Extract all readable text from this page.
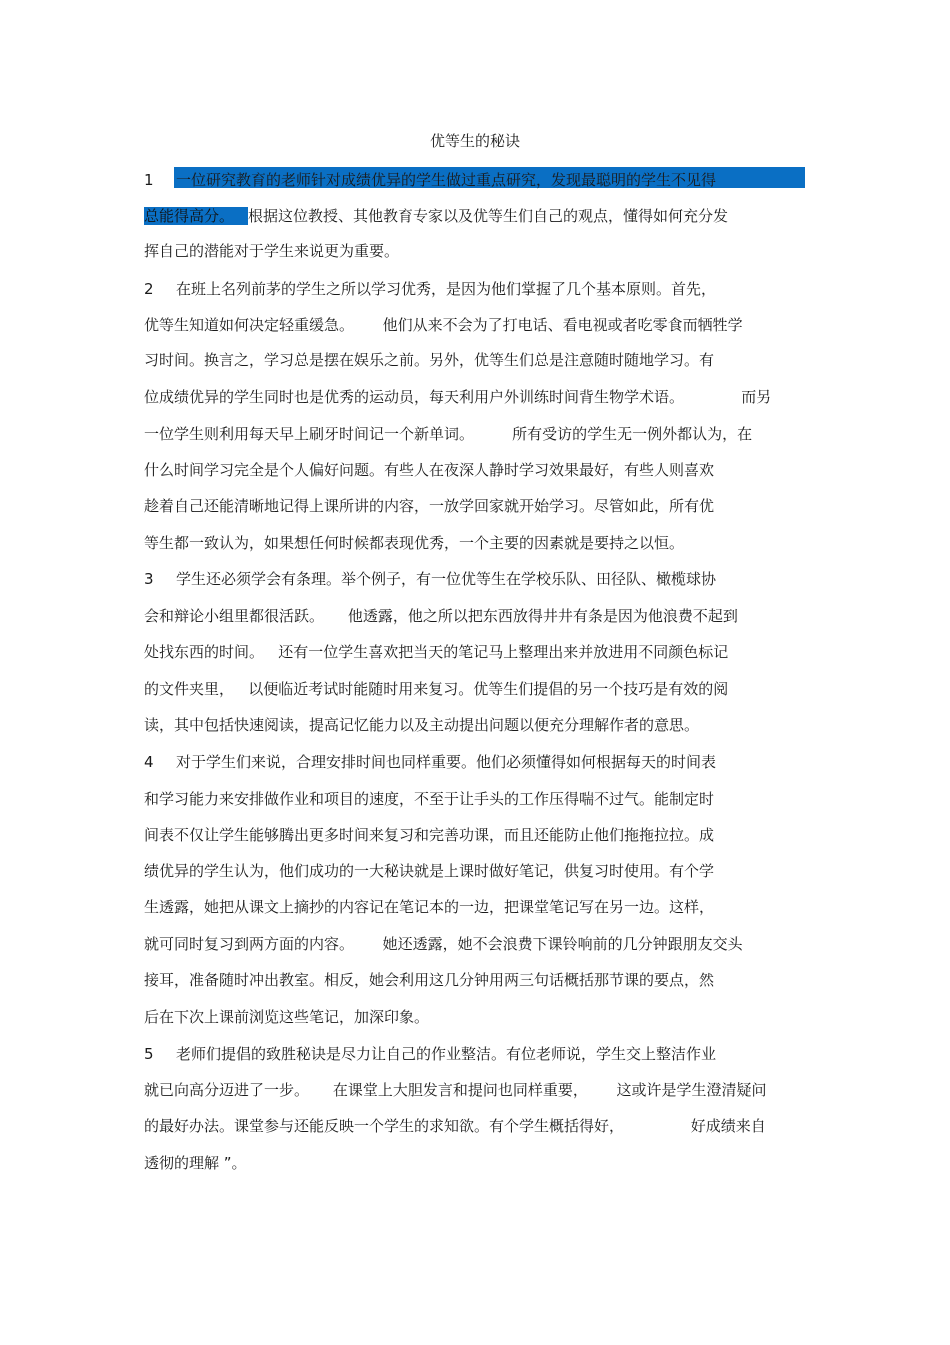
优等生的秘诀
1 一位研究教育的老师针对成绩优异的学生做过重点研究，发现最聪明的学生不见得
总能得高分。 根据这位教授、其他教育专家以及优等生们自己的观点，懂得如何充分发
挥自己的潜能对于学生来说更为重要。
2 在班上名列前茅的学生之所以学习优秀，是因为他们掌握了几个基本原则。首先，
优等生知道如何决定轻重缓急。      他们从来不会为了打电话、看电视或者吃零食而牺牲学
习时间。换言之，学习总是摆在娱乐之前。另外，优等生们总是注意随时随地学习。有
位成绩优异的学生同时也是优秀的运动员，每天利用户外训练时间背生物学术语。            而另
一位学生则利用每天早上刷牙时间记一个新单词。        所有受访的学生无一例外都认为，在
什么时间学习完全是个人偏好问题。有些人在夜深人静时学习效果最好，有些人则喜欢
趁着自己还能清晰地记得上课所讲的内容，一放学回家就开始学习。尽管如此，所有优
等生都一致认为，如果想任何时候都表现优秀，一个主要的因素就是要持之以恒。
3 学生还必须学会有条理。举个例子，有一位优等生在学校乐队、田径队、橄榄球协
会和辩论小组里都很活跃。     他透露，他之所以把东西放得井井有条是因为他浪费不起到
处找东西的时间。   还有一位学生喜欢把当天的笔记马上整理出来并放进用不同颜色标记
的文件夹里，   以便临近考试时能随时用来复习。优等生们提倡的另一个技巧是有效的阅
读，其中包括快速阅读，提高记忆能力以及主动提出问题以便充分理解作者的意思。
4 对于学生们来说，合理安排时间也同样重要。他们必须懂得如何根据每天的时间表
和学习能力来安排做作业和项目的速度，不至于让手头的工作压得喘不过气。能制定时
间表不仅让学生能够腾出更多时间来复习和完善功课，而且还能防止他们拖拖拉拉。成
绩优异的学生认为，他们成功的一大秘诀就是上课时做好笔记，供复习时使用。有个学
生透露，她把从课文上摘抄的内容记在笔记本的一边，把课堂笔记写在另一边。这样，
就可同时复习到两方面的内容。      她还透露，她不会浪费下课铃响前的几分钟跟朋友交头
接耳，准备随时冲出教室。相反，她会利用这几分钟用两三句话概括那节课的要点，然
后在下次上课前浏览这些笔记，加深印象。
5 老师们提倡的致胜秘诀是尽力让自己的作业整洁。有位老师说，学生交上整洁作业
就已向高分迈进了一步。     在课堂上大胆发言和提问也同样重要，      这或许是学生澄清疑问
的最好办法。课堂参与还能反映一个学生的求知欲。有个学生概括得好，              好成绩来自
透彻的理解 ”。
